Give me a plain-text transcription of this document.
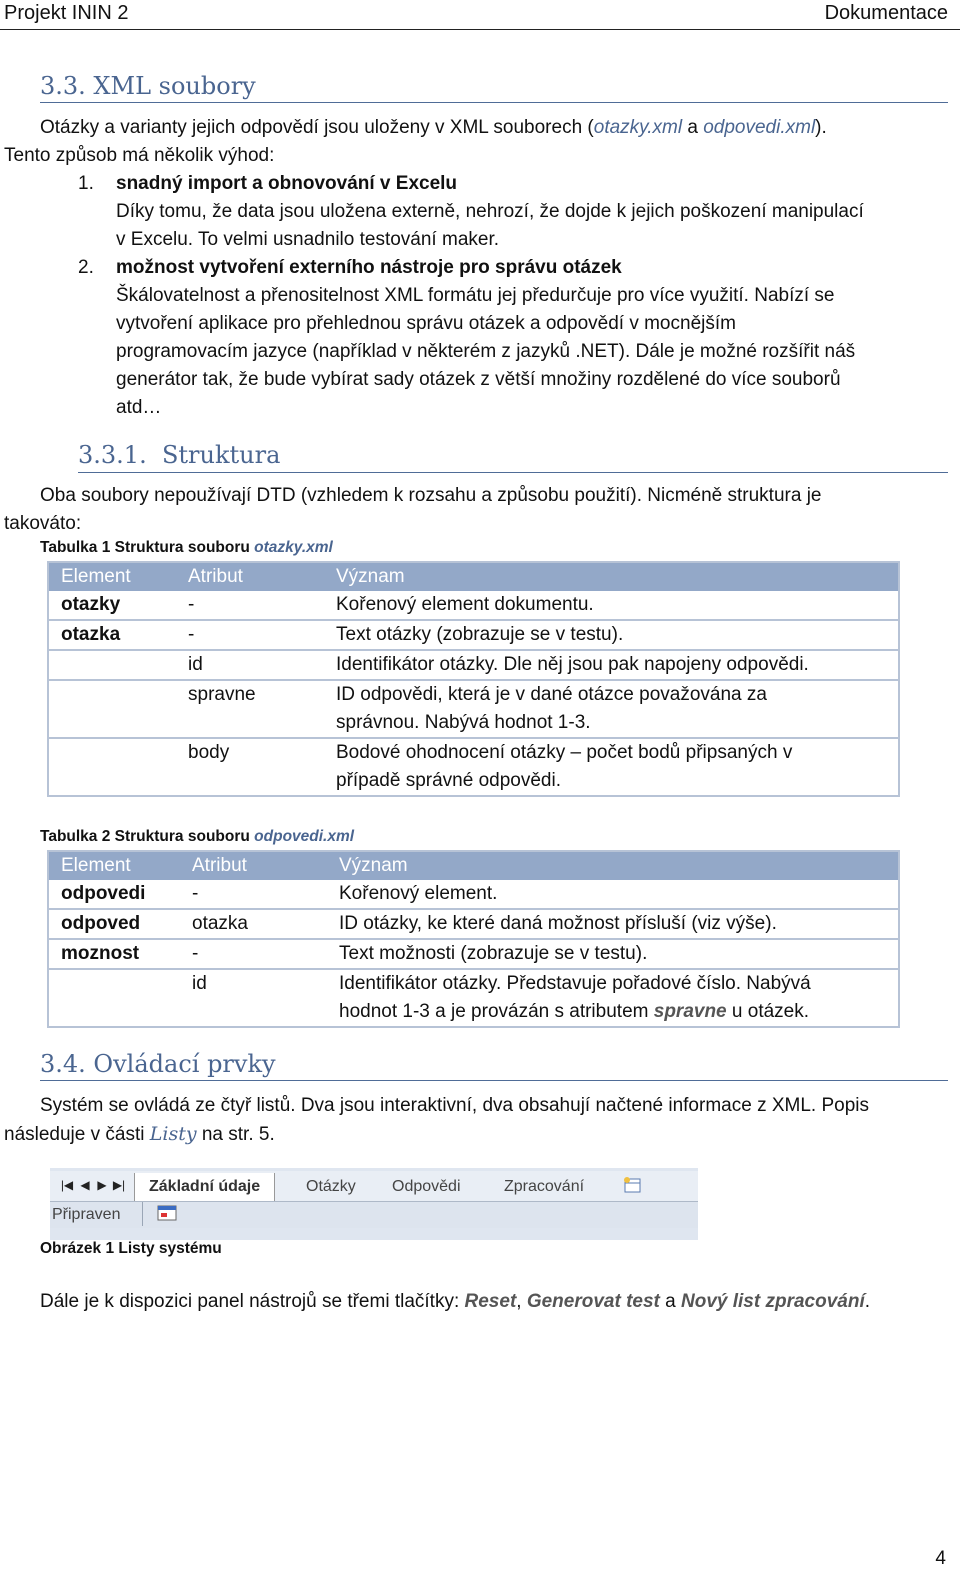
Projekt ININ 2	Dokumentace
3.3. XML soubory
Otázky a varianty jejich odpovědí jsou uloženy v XML souborech (otazky.xml a odpovedi.xml).
Tento způsob má několik výhod:
1. snadný import a obnovování v Excelu
Díky tomu, že data jsou uložena externě, nehrozí, že dojde k jejich poškození manipulací
v Excelu. To velmi usnadnilo testování maker.
2. možnost vytvoření externího nástroje pro správu otázek
Škálovatelnost a přenositelnost XML formátu jej předurčuje pro více využití. Nabízí se
vytvoření aplikace pro přehlednou správu otázek a odpovědí v mocnějším
programovacím jazyce (například v některém z jazyků .NET). Dále je možné rozšířit náš
generátor tak, že bude vybírat sady otázek z větší množiny rozdělené do více souborů
atd…
3.3.1.  Struktura
Oba soubory nepoužívají DTD (vzhledem k rozsahu a způsobu použití). Nicméně struktura je
takováto:
Tabulka 1 Struktura souboru otazky.xml
Element	Atribut	Význam
otazky	-	Kořenový element dokumentu.
otazka	-	Text otázky (zobrazuje se v testu).
	id	Identifikátor otázky. Dle něj jsou pak napojeny odpovědi.
	spravne	ID odpovědi, která je v dané otázce považována za správnou. Nabývá hodnot 1-3.
	body	Bodové ohodnocení otázky – počet bodů připsaných v případě správné odpovědi.
Tabulka 2 Struktura souboru odpovedi.xml
Element	Atribut	Význam
odpovedi	-	Kořenový element.
odpoved	otazka	ID otázky, ke které daná možnost přísluší (viz výše).
moznost	-	Text možnosti (zobrazuje se v testu).
	id	Identifikátor otázky. Představuje pořadové číslo. Nabývá
hodnot 1-3 a je provázán s atributem spravne u otázek.
3.4. Ovládací prvky
Systém se ovládá ze čtyř listů. Dva jsou interaktivní, dva obsahují načtené informace z XML. Popis
následuje v části Listy na str. 5.
|◀ ◀ ▶ ▶|	Základní údaje	Otázky	Odpovědi	Zpracování
Připraven
Obrázek 1 Listy systému
Dále je k dispozici panel nástrojů se třemi tlačítky: Reset, Generovat test a Nový list zpracování.
4
